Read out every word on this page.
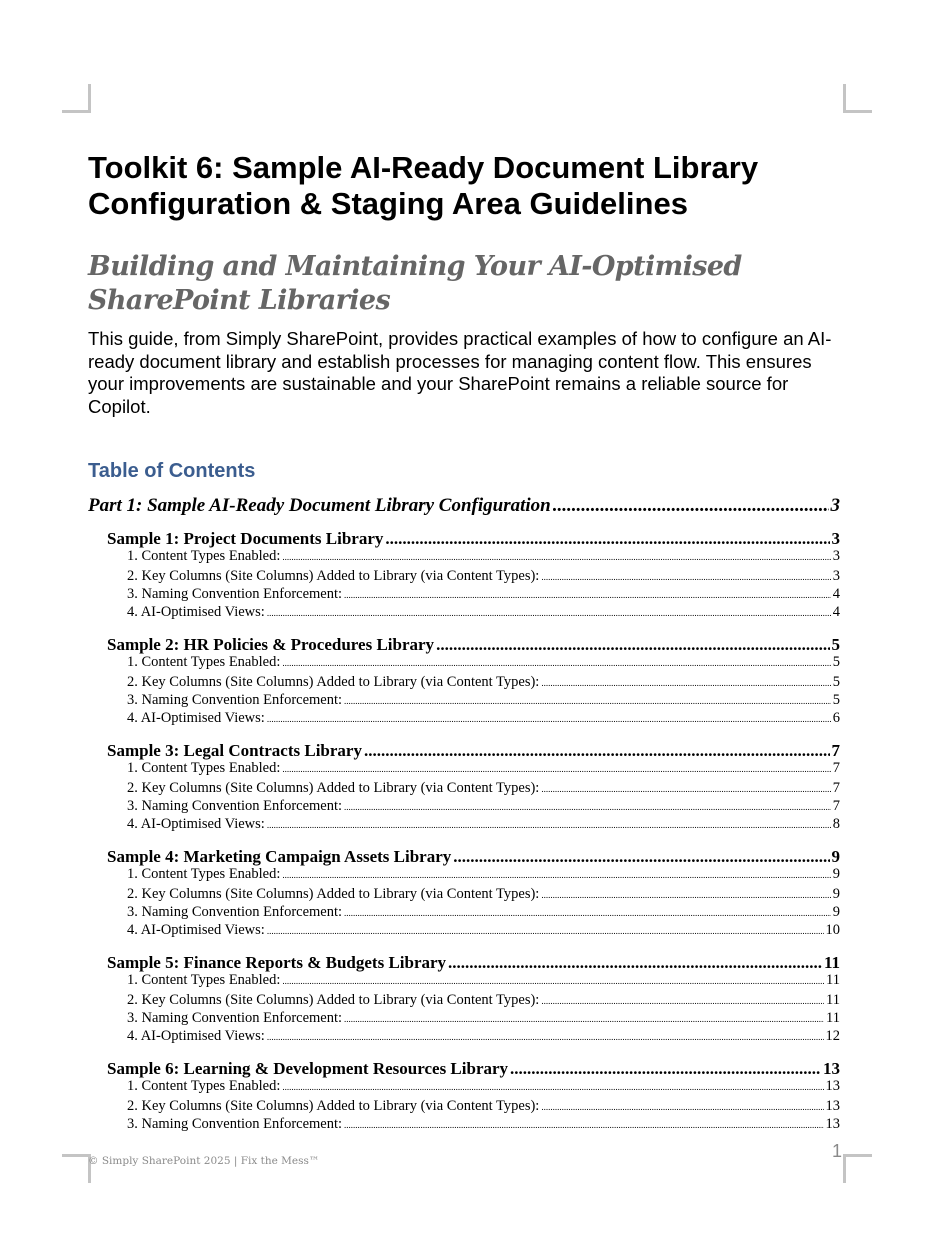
Toolkit 6: Sample AI-Ready Document Library Configuration & Staging Area Guidelines
Building and Maintaining Your AI-Optimised SharePoint Libraries

This guide, from Simply SharePoint, provides practical examples of how to configure an AI-ready document library and establish processes for managing content flow. This ensures your improvements are sustainable and your SharePoint remains a reliable source for Copilot.

Table of Contents
Part 1: Sample AI-Ready Document Library Configuration .....	3
Sample 1: Project Documents Library .....	3
1. Content Types Enabled: .....	3
2. Key Columns (Site Columns) Added to Library (via Content Types): .....	3
3. Naming Convention Enforcement: .....	4
4. AI-Optimised Views: .....	4
Sample 2: HR Policies & Procedures Library .....	5
1. Content Types Enabled: .....	5
2. Key Columns (Site Columns) Added to Library (via Content Types): .....	5
3. Naming Convention Enforcement: .....	5
4. AI-Optimised Views: .....	6
Sample 3: Legal Contracts Library .....	7
1. Content Types Enabled: .....	7
2. Key Columns (Site Columns) Added to Library (via Content Types): .....	7
3. Naming Convention Enforcement: .....	7
4. AI-Optimised Views: .....	8
Sample 4: Marketing Campaign Assets Library .....	9
1. Content Types Enabled: .....	9
2. Key Columns (Site Columns) Added to Library (via Content Types): .....	9
3. Naming Convention Enforcement: .....	9
4. AI-Optimised Views: .....	10
Sample 5: Finance Reports & Budgets Library .....	11
1. Content Types Enabled: .....	11
2. Key Columns (Site Columns) Added to Library (via Content Types): .....	11
3. Naming Convention Enforcement: .....	11
4. AI-Optimised Views: .....	12
Sample 6: Learning & Development Resources Library .....	13
1. Content Types Enabled: .....	13
2. Key Columns (Site Columns) Added to Library (via Content Types): .....	13
3. Naming Convention Enforcement: .....	13

© Simply SharePoint 2025 | Fix the Mess™	1
